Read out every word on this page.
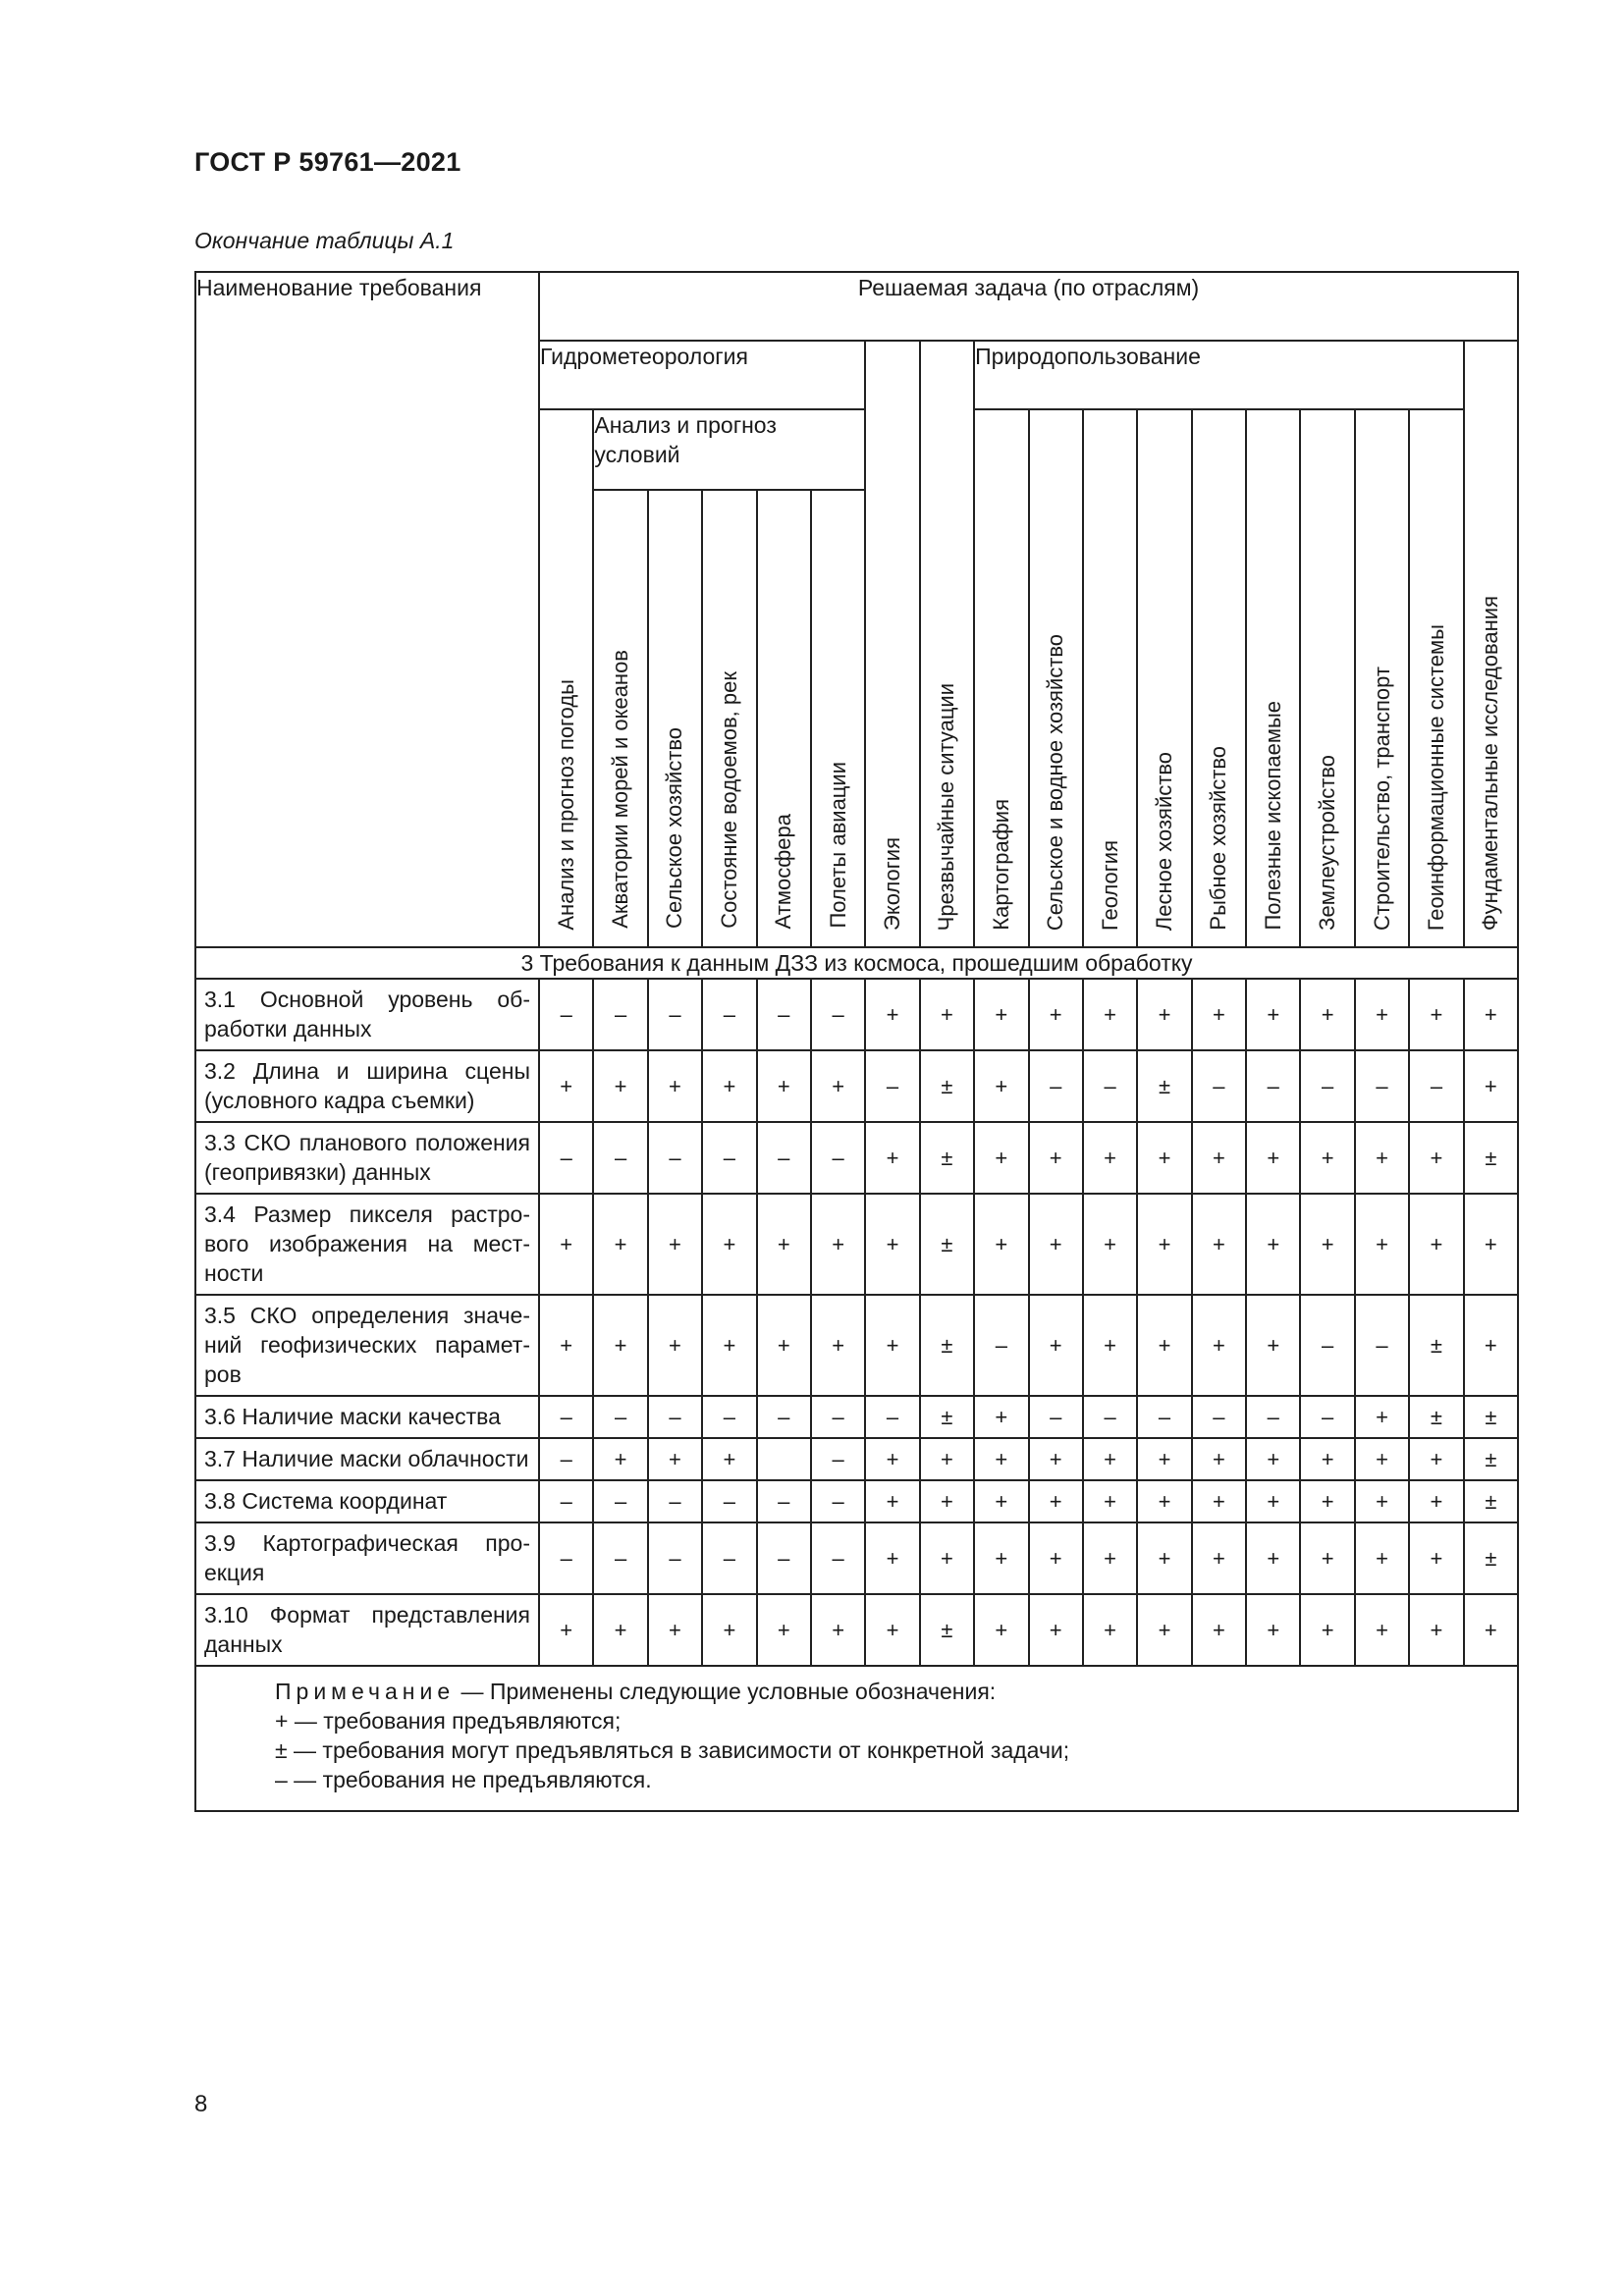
ГОСТ Р 59761—2021
Окончание таблицы А.1
Наименование требования	Решаемая задача (по отраслям)																	
	Гидрометеорология						Экология	Чрезвычайные ситуации	Природопользование									Фундаментальные исследования

	Анализ и прогноз погоды	Анализ и прогноз условий							Картография	Сельское и водное хозяйство	Геология	Лесное хозяйство	Рыбное хозяйство	Полезные ископаемые	Землеустройство	Строительство, транспорт	Геоинформационные системы	

		Акватории морей и океанов	Сельское хозяйство	Состояние водоемов, рек	Атмосфера	Полеты авиации												

3 Требования к данным ДЗЗ из космоса, прошедшим обработку																		
3.1 Основной уровень обработки данных	–	–	–	–	–	–	+	+	+	+	+	+	+	+	+	+	+	+
3.2 Длина и ширина сцены (условного кадра съемки)	+	+	+	+	+	+	–	±	+	–	–	±	–	–	–	–	–	+
3.3 СКО планового положения (геопривязки) данных	–	–	–	–	–	–	+	±	+	+	+	+	+	+	+	+	+	±
3.4 Размер пикселя растрового изображения на местности	+	+	+	+	+	+	+	±	+	+	+	+	+	+	+	+	+	+
3.5 СКО определения значений геофизических параметров	+	+	+	+	+	+	+	±	–	+	+	+	+	+	–	–	±	+
3.6 Наличие маски качества	–	–	–	–	–	–	–	±	+	–	–	–	–	–	–	+	±	±
3.7 Наличие маски облачности	–	+	+	+		–	+	+	+	+	+	+	+	+	+	+	+	±
3.8 Система координат	–	–	–	–	–	–	+	+	+	+	+	+	+	+	+	+	+	±
3.9 Картографическая проекция	–	–	–	–	–	–	+	+	+	+	+	+	+	+	+	+	+	±
3.10 Формат представления данных	+	+	+	+	+	+	+	±	+	+	+	+	+	+	+	+	+	+

Примечание — Применены следующие условные обозначения:
+ — требования предъявляются;
± — требования могут предъявляться в зависимости от конкретной задачи;
– — требования не предъявляются.																		
8
